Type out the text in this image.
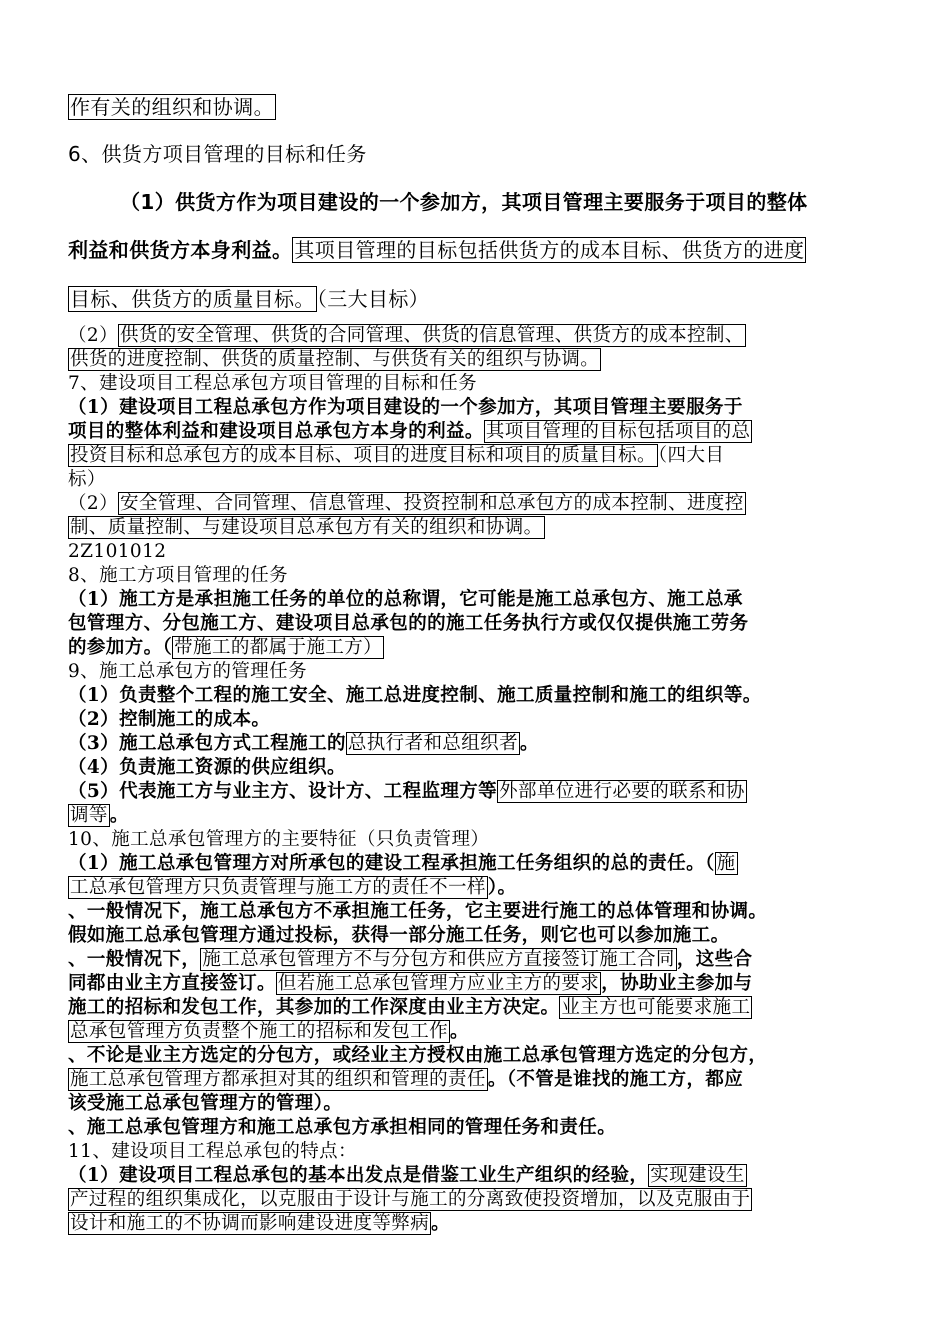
作有关的组织和协调。
6、供货方项目管理的目标和任务
（1）供货方作为项目建设的一个参加方，其项目管理主要服务于项目的整体
利益和供货方本身利益。 其项目管理的目标包括供货方的成本目标、供货方的进度
目标、供货方的质量目标。 （三大目标）
（2） 供货的安全管理、供货的合同管理、供货的信息管理、供货方的成本控制、
供货的进度控制、供货的质量控制、与供货有关的组织与协调。
7、建设项目工程总承包方项目管理的目标和任务
（1）建设项目工程总承包方作为项目建设的一个参加方，其项目管理主要服务于
项目的整体利益和建设项目总承包方本身的利益。 其项目管理的目标包括项目的总
投资目标和总承包方的成本目标、项目的进度目标和项目的质量目标。 （四大目
标）
（2） 安全管理、合同管理、信息管理、投资控制和总承包方的成本控制、进度控
制、质量控制、与建设项目总承包方有关的组织和协调。
2Z101012
8、施工方项目管理的任务
（1）施工方是承担施工任务的单位的总称谓，它可能是施工总承包方、施工总承
包管理方、分包施工方、建设项目总承包的的施工任务执行方或仅仅提供施工劳务
的参加方。（ 带施工的都属于施工方）
9、施工总承包方的管理任务
（1）负责整个工程的施工安全、施工总进度控制、施工质量控制和施工的组织等。
（2）控制施工的成本。
（3）施工总承包方式工程施工的 总执行者和总组织者 。
（4）负责施工资源的供应组织。
（5）代表施工方与业主方、设计方、工程监理方等 外部单位进行必要的联系和协
调等 。
10、施工总承包管理方的主要特征（只负责管理）
（1）施工总承包管理方对所承包的建设工程承担施工任务组织的总的责任。（ 施
工总承包管理方只负责管理与施工方的责任不一样 ）。
、一般情况下，施工总承包方不承担施工任务，它主要进行施工的总体管理和协调。
假如施工总承包管理方通过投标，获得一部分施工任务，则它也可以参加施工。
、一般情况下， 施工总承包管理方不与分包方和供应方直接签订施工合同 ，这些合
同都由业主方直接签订。 但若施工总承包管理方应业主方的要求 ，协助业主参加与
施工的招标和发包工作，其参加的工作深度由业主方决定。 业主方也可能要求施工
总承包管理方负责整个施工的招标和发包工作 。
、不论是业主方选定的分包方，或经业主方授权由施工总承包管理方选定的分包方，
施工总承包管理方都承担对其的组织和管理的责任 。（不管是谁找的施工方，都应
该受施工总承包管理方的管理）。
、施工总承包管理方和施工总承包方承担相同的管理任务和责任。
11、建设项目工程总承包的特点：
（1）建设项目工程总承包的基本出发点是借鉴工业生产组织的经验， 实现建设生
产过程的组织集成化，以克服由于设计与施工的分离致使投资增加，以及克服由于
设计和施工的不协调而影响建设进度等弊病 。
